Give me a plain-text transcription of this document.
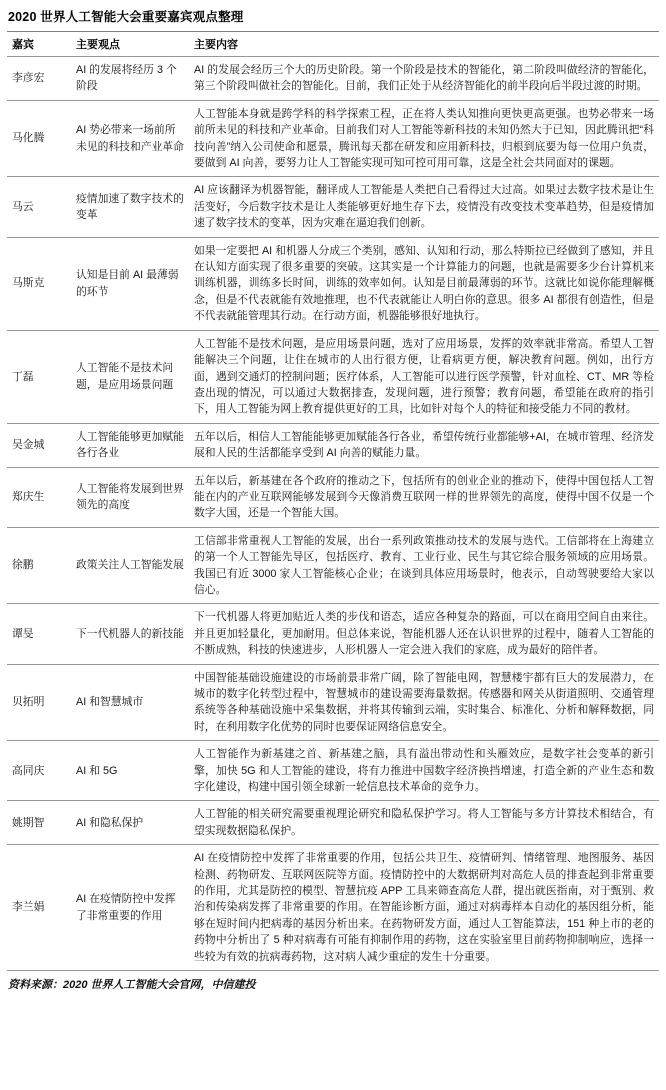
2020 世界人工智能大会重要嘉宾观点整理
嘉宾	主要观点	主要内容
李彦宏	AI 的发展将经历 3 个阶段	AI 的发展会经历三个大的历史阶段。第一个阶段是技术的智能化，第二阶段叫做经济的智能化，第三个阶段叫做社会的智能化。目前，我们正处于从经济智能化的前半段向后半段过渡的时期。
马化腾	AI 势必带来一场前所未见的科技和产业革命	人工智能本身就是跨学科的科学探索工程，正在将人类认知推向更快更高更强。也势必带来一场前所未见的科技和产业革命。目前我们对人工智能等新科技的未知仍然大于已知，因此腾讯把“科技向善”纳入公司使命和愿景，腾讯每天都在研发和应用新科技，归根到底要为每一位用户负责，要做到 AI 向善，要努力让人工智能实现可知可控可用可靠，这是全社会共同面对的课题。
马云	疫情加速了数字技术的变革	AI 应该翻译为机器智能，翻译成人工智能是人类把自己看得过大过高。如果过去数字技术是让生活变好，今后数字技术是让人类能够更好地生存下去，疫情没有改变技术变革趋势，但是疫情加速了数字技术的变革，因为灾难在逼迫我们创新。
马斯克	认知是目前 AI 最薄弱的环节	如果一定要把 AI 和机器人分成三个类别，感知、认知和行动，那么特斯拉已经做到了感知，并且在认知方面实现了很多重要的突破。这其实是一个计算能力的问题，也就是需要多少台计算机来训练机器，训练多长时间，训练的效率如何。认知是目前最薄弱的环节。这就比如说你能理解概念，但是不代表就能有效地推理，也不代表就能让人明白你的意思。很多 AI 都很有创造性，但是不代表就能管理其行动。在行动方面，机器能够很好地执行。
丁磊	人工智能不是技术问题，是应用场景问题	人工智能不是技术问题，是应用场景问题，选对了应用场景，发挥的效率就非常高。希望人工智能解决三个问题，让住在城市的人出行很方便，让看病更方便，解决教育问题。例如，出行方面，遇到交通灯的控制问题；医疗体系，人工智能可以进行医学预警，针对血栓、CT、MR 等检查出现的情况，可以通过大数据排查，发现问题，进行预警；教育问题，希望能在政府的指引下，用人工智能为网上教育提供更好的工具，比如针对每个人的特征和接受能力不同的教材。
吴金城	人工智能能够更加赋能各行各业	五年以后，相信人工智能能够更加赋能各行各业，希望传统行业都能够+AI，在城市管理、经济发展和人民的生活都能享受到 AI 向善的赋能力量。
郑庆生	人工智能将发展到世界领先的高度	五年以后，新基建在各个政府的推动之下，包括所有的创业企业的推动下，使得中国包括人工智能在内的产业互联网能够发展到今天像消费互联网一样的世界领先的高度，使得中国不仅是一个数字大国，还是一个智能大国。
徐鹏	政策关注人工智能发展	工信部非常重视人工智能的发展，出台一系列政策推动技术的发展与迭代。工信部将在上海建立的第一个人工智能先导区，包括医疗、教育、工业行业、民生与其它综合服务领域的应用场景。我国已有近 3000 家人工智能核心企业；在谈到具体应用场景时，他表示，自动驾驶要给大家以信心。
谭旻	下一代机器人的新技能	下一代机器人将更加贴近人类的步伐和语态，适应各种复杂的路面，可以在商用空间自由来往。并且更加轻量化，更加耐用。但总体来说，智能机器人还在认识世界的过程中，随着人工智能的不断成熟，科技的快速进步，人形机器人一定会进入我们的家庭，成为最好的陪伴者。
贝拓明	AI 和智慧城市	中国智能基础设施建设的市场前景非常广阔，除了智能电网，智慧楼宇都有巨大的发展潜力，在城市的数字化转型过程中，智慧城市的建设需要海量数据。传感器和网关从街道照明、交通管理系统等各种基础设施中采集数据，并将其传输到云端，实时集合、标准化、分析和解释数据，同时，在利用数字化优势的同时也要保证网络信息安全。
高同庆	AI 和 5G	人工智能作为新基建之首、新基建之脑，具有溢出带动性和头雁效应，是数字社会变革的新引擎，加快 5G 和人工智能的建设，将有力推进中国数字经济换挡增速，打造全新的产业生态和数字化建设，构建中国引领全球新一轮信息技术革命的竞争力。
姚期智	AI 和隐私保护	人工智能的相关研究需要重视理论研究和隐私保护学习。将人工智能与多方计算技术相结合，有望实现数据隐私保护。
李兰娟	AI 在疫情防控中发挥了非常重要的作用	AI 在疫情防控中发挥了非常重要的作用，包括公共卫生、疫情研判、情绪管理、地图服务、基因检测、药物研发、互联网医院等方面。疫情防控中的大数据研判对高危人员的排查起到非常重要的作用，尤其是防控的模型、智慧抗疫 APP 工具来筛查高危人群，提出就医指南，对于甄别、救治和传染病发挥了非常重要的作用。在智能诊断方面，通过对病毒样本自动化的基因组分析，能够在短时间内把病毒的基因分析出来。在药物研发方面，通过人工智能算法，151 种上市的老的药物中分析出了 5 种对病毒有可能有抑制作用的药物，这在实验室里目前药物抑制响应，选择一些较为有效的抗病毒药物，这对病人减少重症的发生十分重要。
资料来源：2020 世界人工智能大会官网，中信建投
